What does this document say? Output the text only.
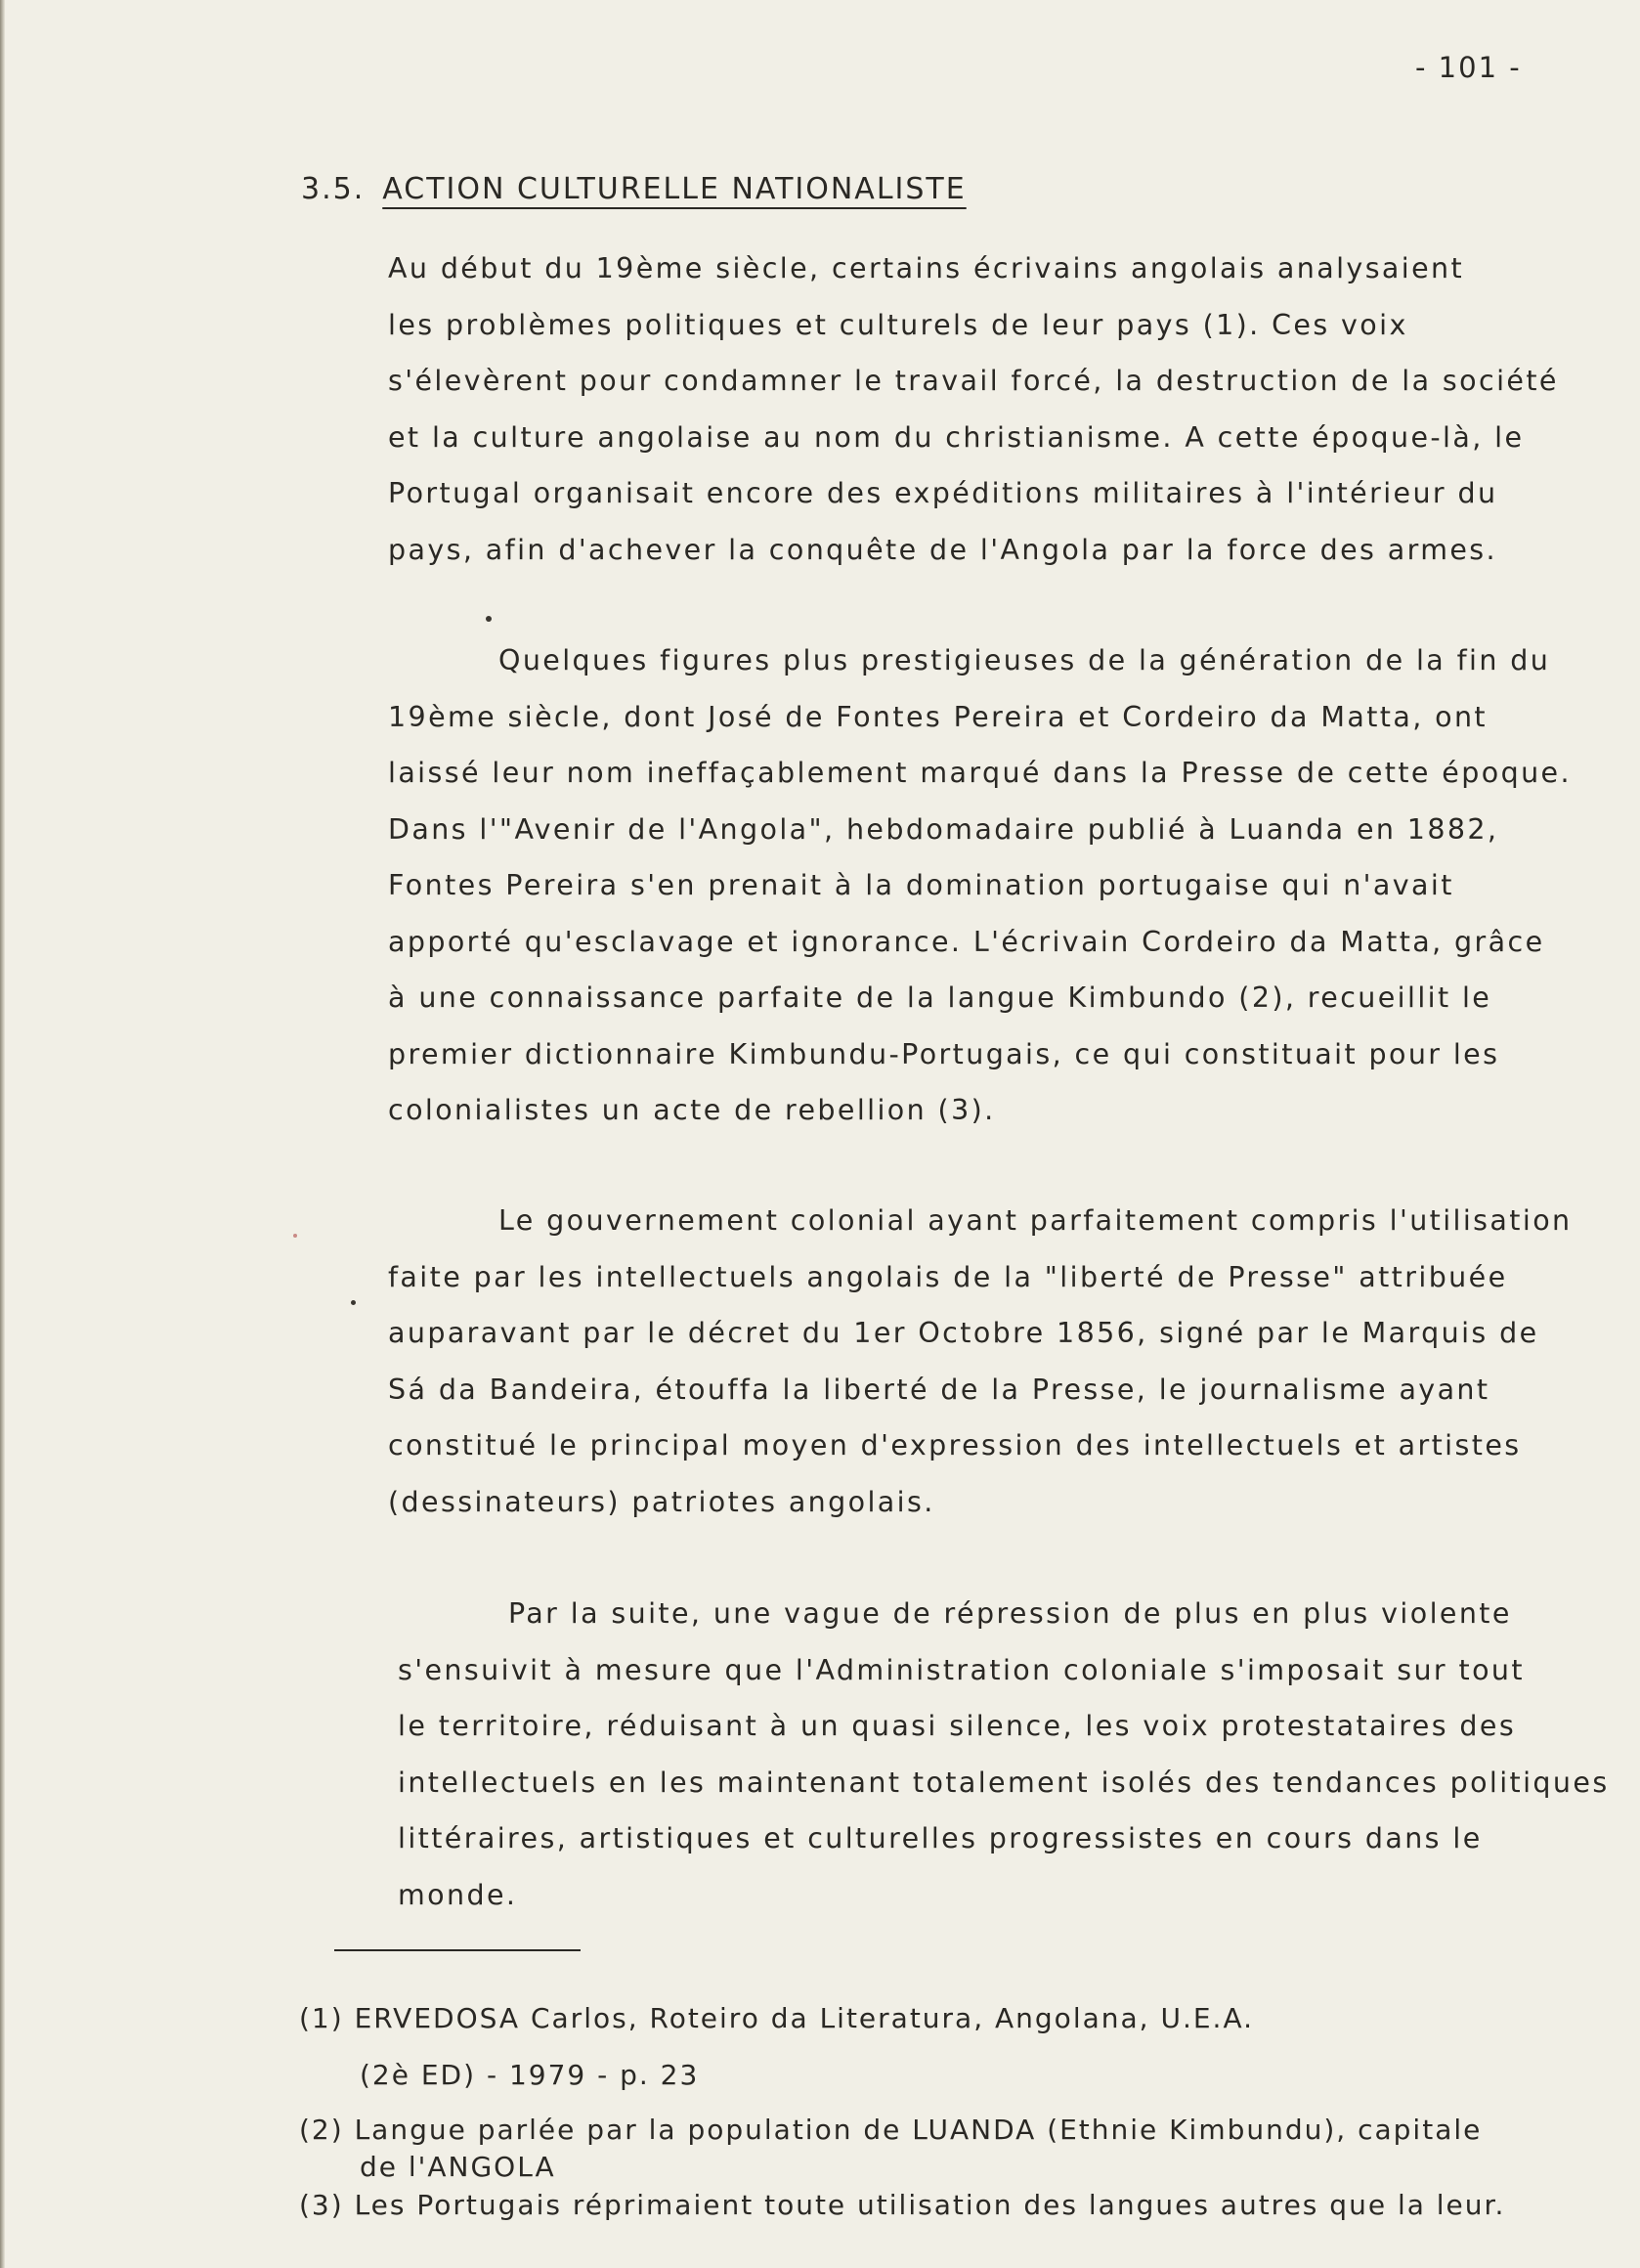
- 101 -
3.5. ACTION CULTURELLE NATIONALISTE
Au début du 19ème siècle, certains écrivains angolais analysaient
les problèmes politiques et culturels de leur pays (1). Ces voix
s'élevèrent pour condamner le travail forcé, la destruction de la société
et la culture angolaise au nom du christianisme. A cette époque-là, le
Portugal organisait encore des expéditions militaires à l'intérieur du
pays, afin d'achever la conquête de l'Angola par la force des armes.
Quelques figures plus prestigieuses de la génération de la fin du
19ème siècle, dont José de Fontes Pereira et Cordeiro da Matta, ont
laissé leur nom ineffaçablement marqué dans la Presse de cette époque.
Dans l'"Avenir de l'Angola", hebdomadaire publié à Luanda en 1882,
Fontes Pereira s'en prenait à la domination portugaise qui n'avait
apporté qu'esclavage et ignorance. L'écrivain Cordeiro da Matta, grâce
à une connaissance parfaite de la langue Kimbundo (2), recueillit le
premier dictionnaire Kimbundu-Portugais, ce qui constituait pour les
colonialistes un acte de rebellion (3).
Le gouvernement colonial ayant parfaitement compris l'utilisation
faite par les intellectuels angolais de la "liberté de Presse" attribuée
auparavant par le décret du 1er Octobre 1856, signé par le Marquis de
Sá da Bandeira, étouffa la liberté de la Presse, le journalisme ayant
constitué le principal moyen d'expression des intellectuels et artistes
(dessinateurs) patriotes angolais.
Par la suite, une vague de répression de plus en plus violente
s'ensuivit à mesure que l'Administration coloniale s'imposait sur tout
le territoire, réduisant à un quasi silence, les voix protestataires des
intellectuels en les maintenant totalement isolés des tendances politiques
littéraires, artistiques et culturelles progressistes en cours dans le
monde.
(1) ERVEDOSA Carlos, Roteiro da Literatura, Angolana, U.E.A.
(2è ED) - 1979 - p. 23
(2) Langue parlée par la population de LUANDA (Ethnie Kimbundu), capitale
de l'ANGOLA
(3) Les Portugais réprimaient toute utilisation des langues autres que la leur.
